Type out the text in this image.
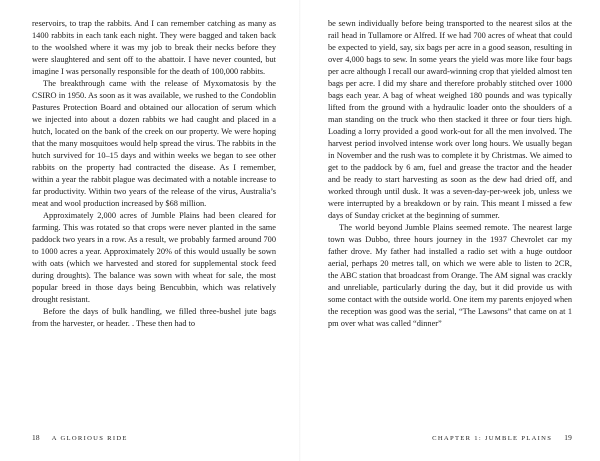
reservoirs, to trap the rabbits. And I can remember catching as many as 1400 rabbits in each tank each night. They were bagged and taken back to the woolshed where it was my job to break their necks before they were slaughtered and sent off to the abattoir. I have never counted, but imagine I was personally responsible for the death of 100,000 rabbits.

The breakthrough came with the release of Myxomatosis by the CSIRO in 1950. As soon as it was available, we rushed to the Condoblin Pastures Protection Board and obtained our allocation of serum which we injected into about a dozen rabbits we had caught and placed in a hutch, located on the bank of the creek on our property. We were hoping that the many mosquitoes would help spread the virus. The rabbits in the hutch survived for 10–15 days and within weeks we began to see other rabbits on the property had contracted the disease. As I remember, within a year the rabbit plague was decimated with a notable increase to far productivity. Within two years of the release of the virus, Australia’s meat and wool production increased by $68 million.

Approximately 2,000 acres of Jumble Plains had been cleared for farming. This was rotated so that crops were never planted in the same paddock two years in a row. As a result, we probably farmed around 700 to 1000 acres a year. Approximately 20% of this would usually be sown with oats (which we harvested and stored for supplemental stock feed during droughts). The balance was sown with wheat for sale, the most popular breed in those days being Bencubbin, which was relatively drought resistant.

Before the days of bulk handling, we filled three-bushel jute bags from the harvester, or header. . These then had to

18 A GLORIOUS RIDE

be sewn individually before being transported to the nearest silos at the rail head in Tullamore or Alfred. If we had 700 acres of wheat that could be expected to yield, say, six bags per acre in a good season, resulting in over 4,000 bags to sew. In some years the yield was more like four bags per acre although I recall our award-winning crop that yielded almost ten bags per acre. I did my share and therefore probably stitched over 1000 bags each year. A bag of wheat weighed 180 pounds and was typically lifted from the ground with a hydraulic loader onto the shoulders of a man standing on the truck who then stacked it three or four tiers high. Loading a lorry provided a good work-out for all the men involved. The harvest period involved intense work over long hours. We usually began in November and the rush was to complete it by Christmas. We aimed to get to the paddock by 6 am, fuel and grease the tractor and the header and be ready to start harvesting as soon as the dew had dried off, and worked through until dusk. It was a seven-day-per-week job, unless we were interrupted by a breakdown or by rain. This meant I missed a few days of Sunday cricket at the beginning of summer.

The world beyond Jumble Plains seemed remote. The nearest large town was Dubbo, three hours journey in the 1937 Chevrolet car my father drove. My father had installed a radio set with a huge outdoor aerial, perhaps 20 metres tall, on which we were able to listen to 2CR, the ABC station that broadcast from Orange. The AM signal was crackly and unreliable, particularly during the day, but it did provide us with some contact with the outside world. One item my parents enjoyed when the reception was good was the serial, “The Lawsons” that came on at 1 pm over what was called “dinner”

CHAPTER 1: JUMBLE PLAINS 19
